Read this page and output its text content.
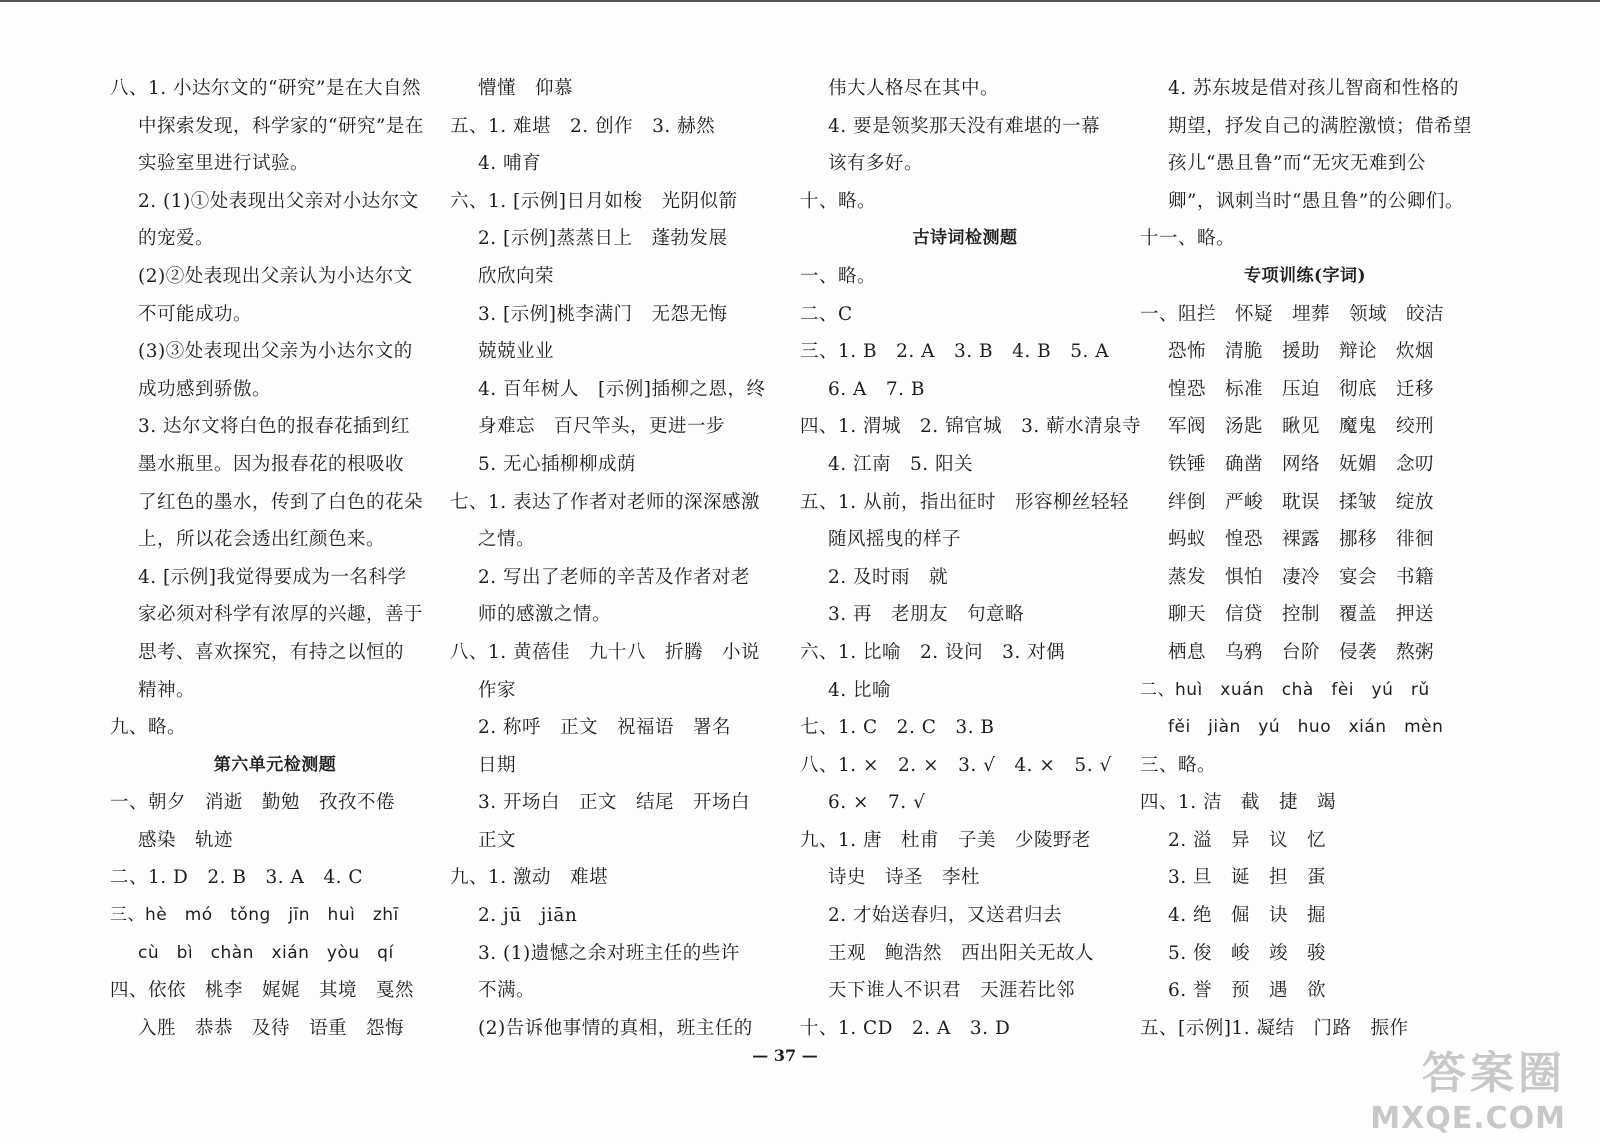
八、1. 小达尔文的“研究”是在大自然
中探索发现，科学家的“研究”是在
实验室里进行试验。
2. (1)①处表现出父亲对小达尔文
的宠爱。
(2)②处表现出父亲认为小达尔文
不可能成功。
(3)③处表现出父亲为小达尔文的
成功感到骄傲。
3. 达尔文将白色的报春花插到红
墨水瓶里。因为报春花的根吸收
了红色的墨水，传到了白色的花朵
上，所以花会透出红颜色来。
4. [示例]我觉得要成为一名科学
家必须对科学有浓厚的兴趣，善于
思考、喜欢探究，有持之以恒的
精神。
九、略。
第六单元检测题
一、朝夕　消逝　勤勉　孜孜不倦
感染　轨迹
二、1. D　2. B　3. A　4. C
三、hè　mó　tǒng　jīn　huì　zhī
cù　bì　chàn　xián　yòu　qí
四、依依　桃李　娓娓　其境　戛然
入胜　恭恭　及待　语重　怨悔
懵懂　仰慕
五、1. 难堪　2. 创作　3. 赫然
4. 哺育
六、1. [示例]日月如梭　光阴似箭
2. [示例]蒸蒸日上　蓬勃发展
欣欣向荣
3. [示例]桃李满门　无怨无悔
兢兢业业
4. 百年树人　[示例]插柳之恩，终
身难忘　百尺竿头，更进一步
5. 无心插柳柳成荫
七、1. 表达了作者对老师的深深感激
之情。
2. 写出了老师的辛苦及作者对老
师的感激之情。
八、1. 黄蓓佳　九十八　折腾　小说
作家
2. 称呼　正文　祝福语　署名
日期
3. 开场白　正文　结尾　开场白
正文
九、1. 激动　难堪
2. jū　jiān
3. (1)遗憾之余对班主任的些许
不满。
(2)告诉他事情的真相，班主任的
伟大人格尽在其中。
4. 要是领奖那天没有难堪的一幕
该有多好。
十、略。
古诗词检测题
一、略。
二、C
三、1. B　2. A　3. B　4. B　5. A
6. A　7. B
四、1. 渭城　2. 锦官城　3. 蕲水清泉寺
4. 江南　5. 阳关
五、1. 从前，指出征时　形容柳丝轻轻
随风摇曳的样子
2. 及时雨　就
3. 再　老朋友　句意略
六、1. 比喻　2. 设问　3. 对偶
4. 比喻
七、1. C　2. C　3. B
八、1. ×　2. ×　3. √　4. ×　5. √
6. ×　7. √
九、1. 唐　杜甫　子美　少陵野老
诗史　诗圣　李杜
2. 才始送春归，又送君归去
王观　鲍浩然　西出阳关无故人
天下谁人不识君　天涯若比邻
十、1. CD　2. A　3. D
4. 苏东坡是借对孩儿智商和性格的
期望，抒发自己的满腔激愤；借希望
孩儿“愚且鲁”而“无灾无难到公
卿”，讽刺当时“愚且鲁”的公卿们。
十一、略。
专项训练(字词)
一、阻拦　怀疑　埋葬　领域　皎洁
恐怖　清脆　援助　辩论　炊烟
惶恐　标准　压迫　彻底　迁移
军阀　汤匙　瞅见　魔鬼　绞刑
铁锤　确凿　网络　妩媚　念叨
绊倒　严峻　耽误　揉皱　绽放
蚂蚁　惶恐　裸露　挪移　徘徊
蒸发　惧怕　凄冷　宴会　书籍
聊天　信贷　控制　覆盖　押送
栖息　乌鸦　台阶　侵袭　熬粥
二、huì　xuán　chà　fèi　yú　rǔ
fěi　jiàn　yú　huo　xián　mèn
三、略。
四、1. 洁　截　捷　竭
2. 溢　异　议　忆
3. 旦　诞　担　蛋
4. 绝　倔　诀　掘
5. 俊　峻　竣　骏
6. 誉　预　遇　欲
五、[示例]1. 凝结　门路　振作
— 37 —	答案圈
MXQE.COM
